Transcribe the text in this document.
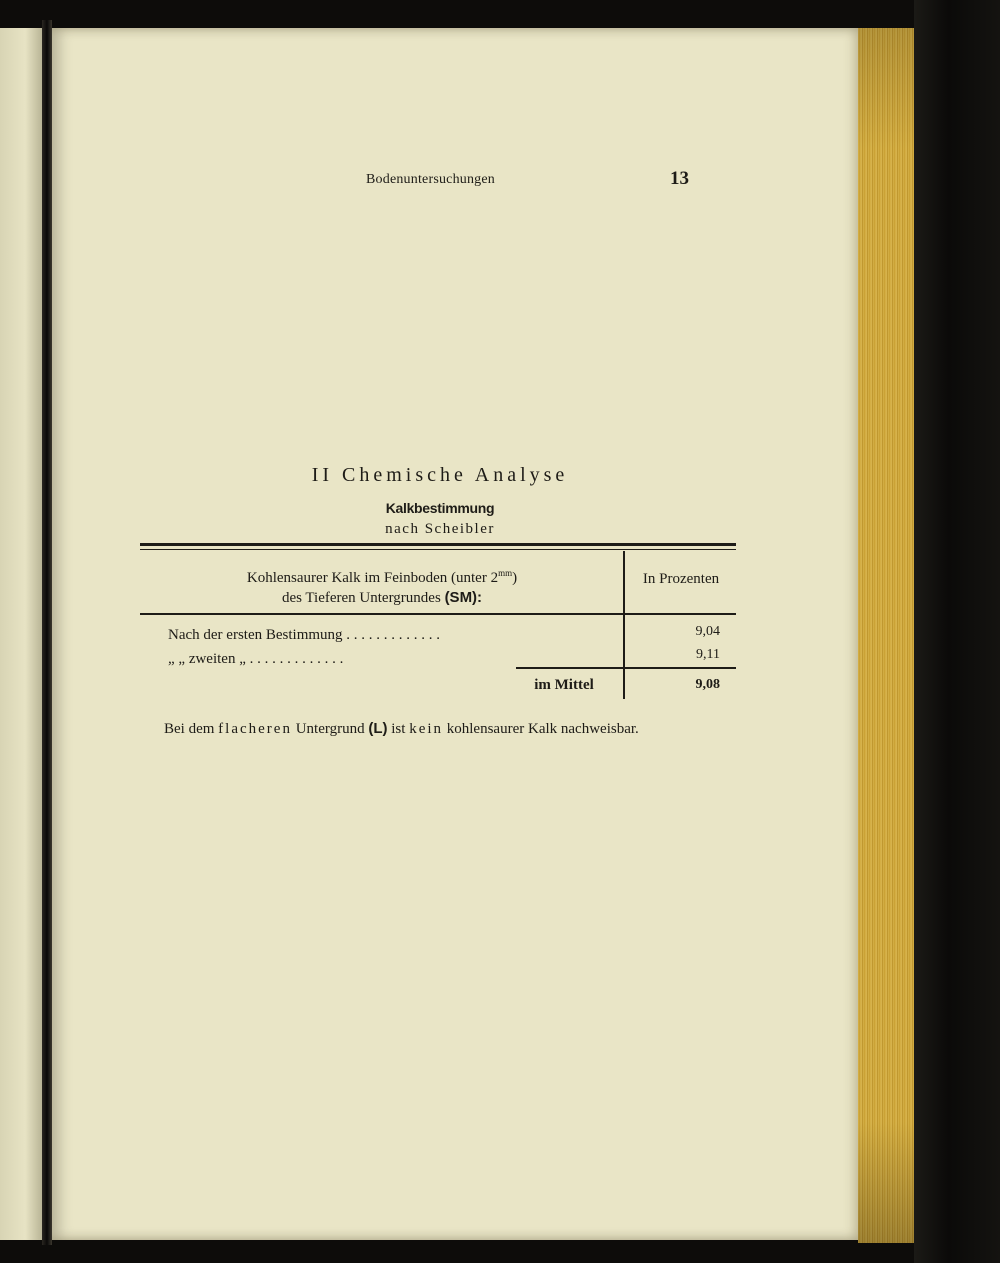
Bodenuntersuchungen	13
II Chemische Analyse
Kalkbestimmung
nach Scheibler
Kohlensaurer Kalk im Feinboden (unter $2^{mm}$)
des Tieferen Untergrundes (SM):
In Prozenten
Nach der ersten Bestimmung . . . . . . . . . . . . .	9,04
„ „ zweiten „ . . . . . . . . . . . . .	9,11
im Mittel	9,08
Bei dem flacheren Untergrund (L) ist kein kohlensaurer Kalk nachweisbar.
